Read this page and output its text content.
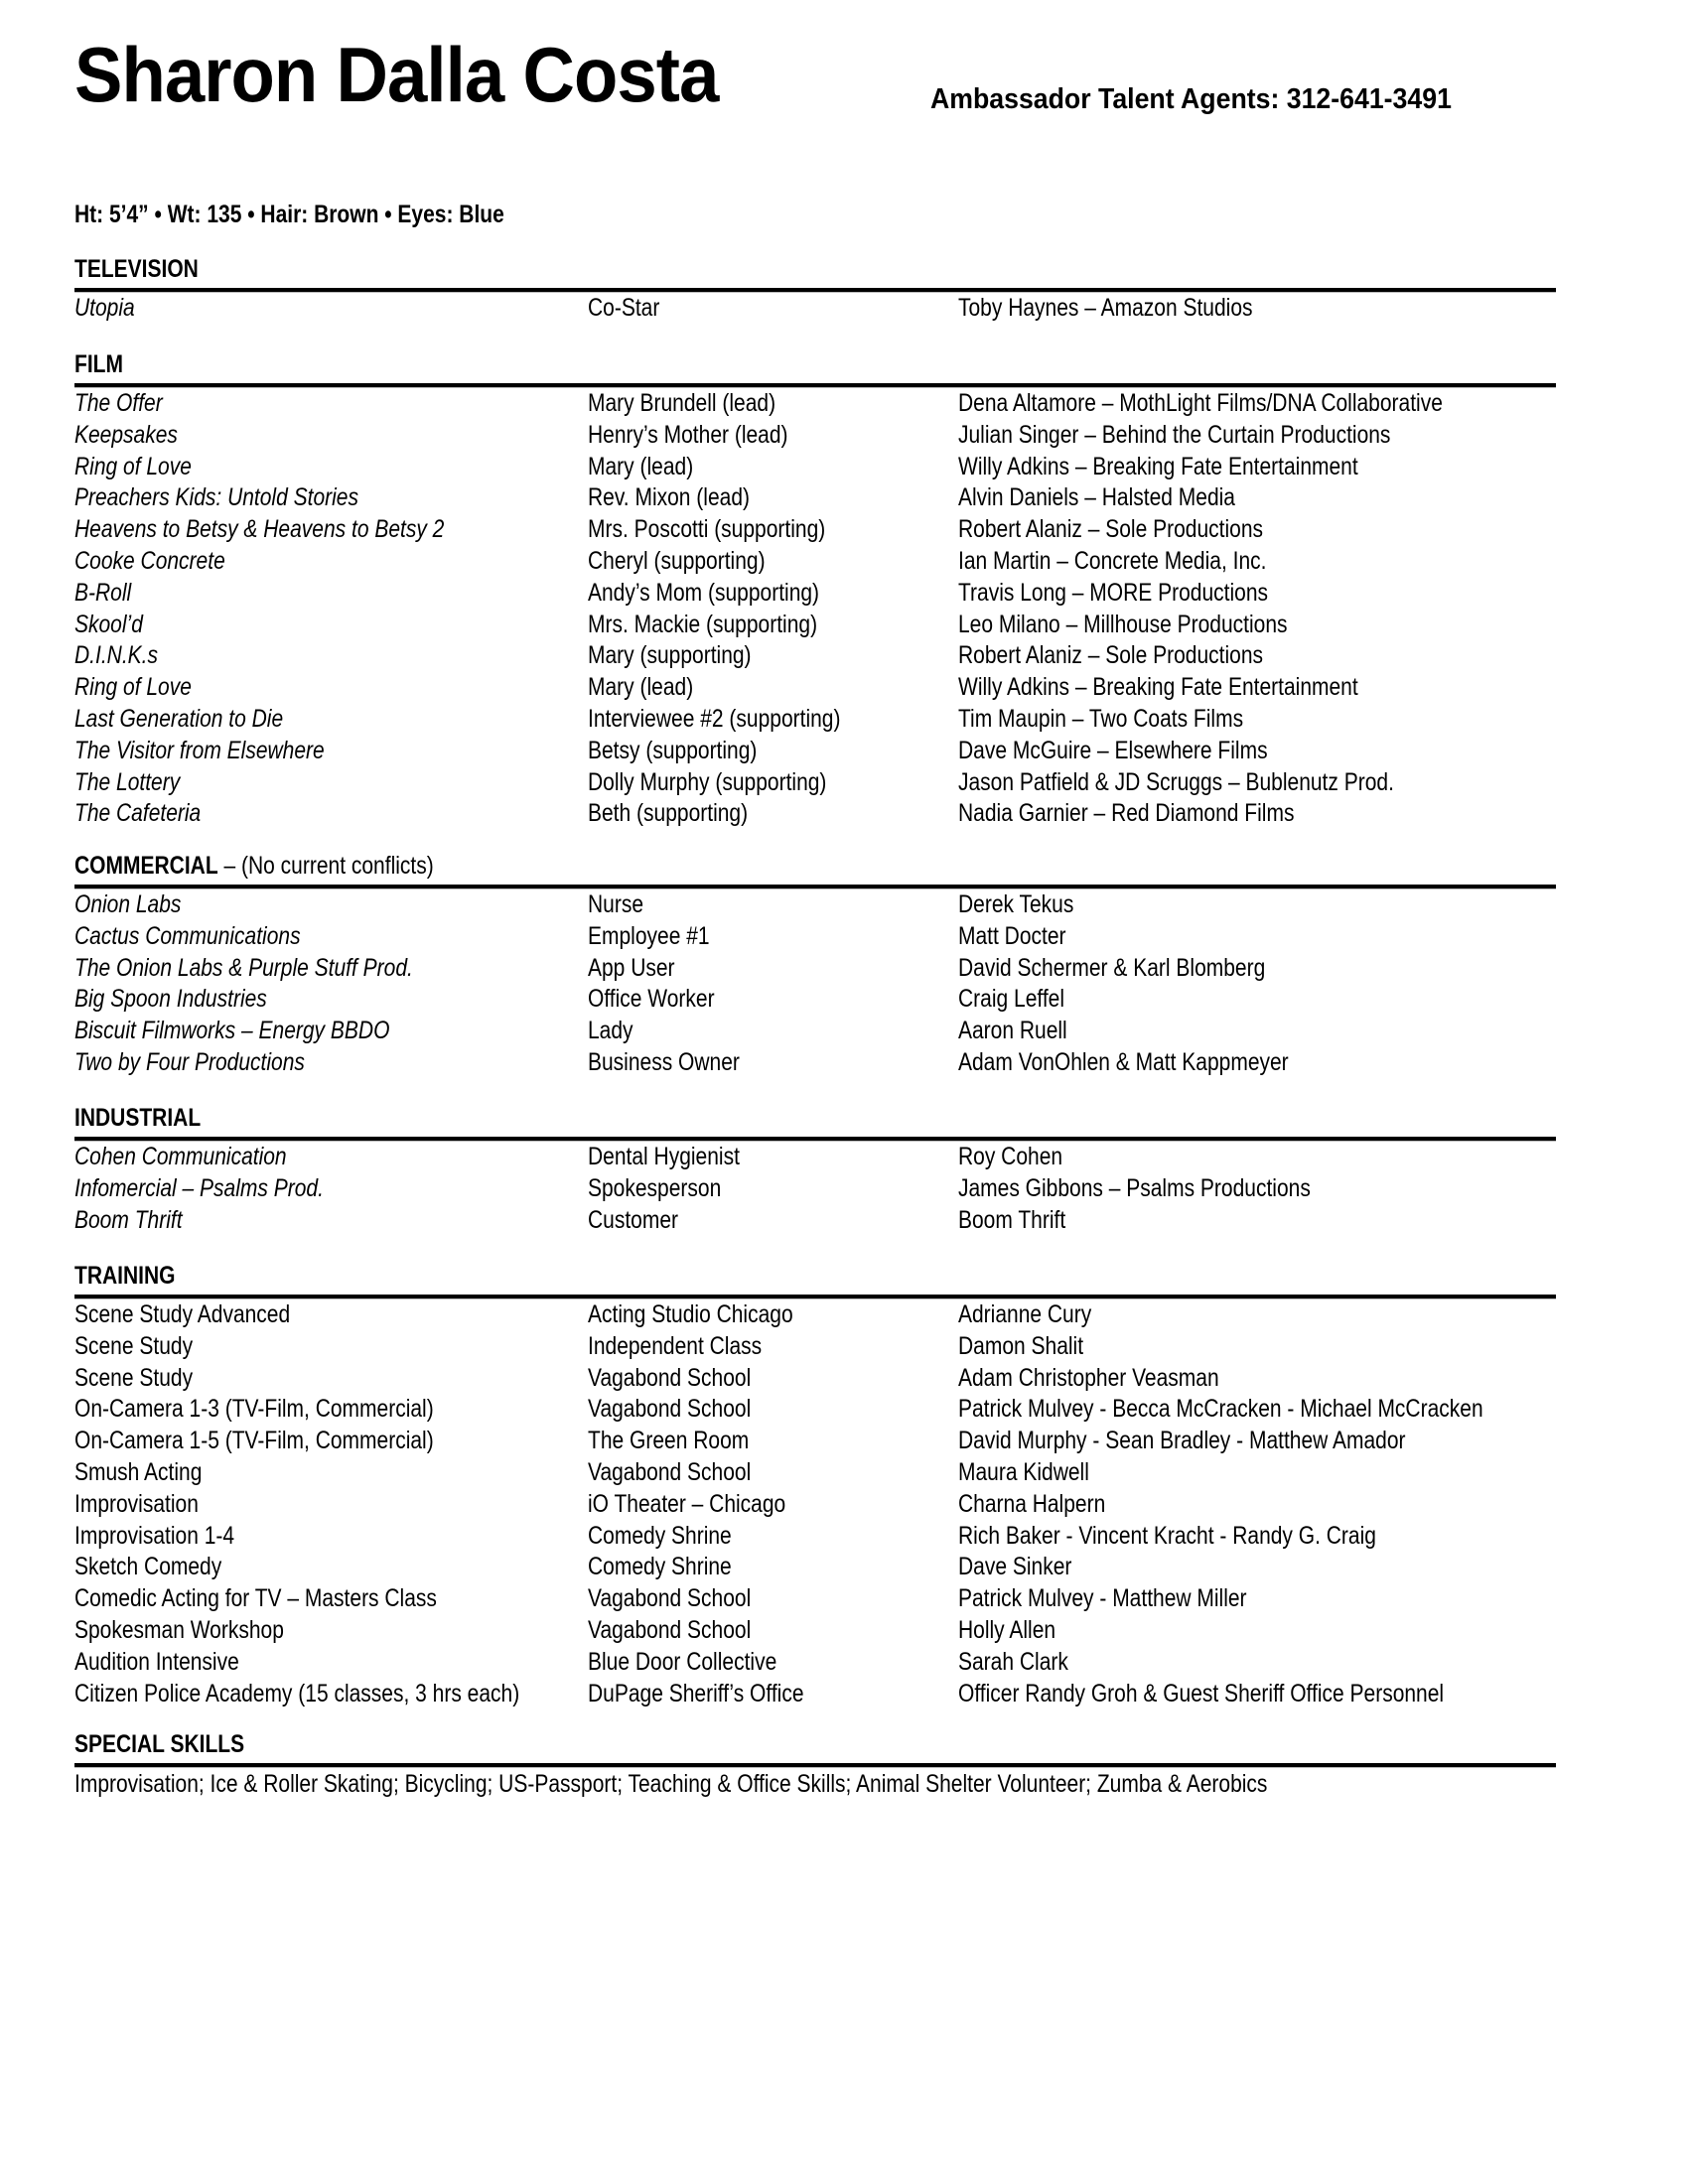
Sharon Dalla Costa	Ambassador Talent Agents: 312-641-3491
Ht: 5’4” • Wt: 135 • Hair: Brown • Eyes: Blue
TELEVISION
Utopia	Co-Star	Toby Haynes – Amazon Studios
FILM
The Offer	Mary Brundell (lead)	Dena Altamore – MothLight Films/DNA Collaborative
Keepsakes	Henry’s Mother (lead)	Julian Singer – Behind the Curtain Productions
Ring of Love	Mary (lead)	Willy Adkins – Breaking Fate Entertainment
Preachers Kids: Untold Stories	Rev. Mixon (lead)	Alvin Daniels – Halsted Media
Heavens to Betsy & Heavens to Betsy 2	Mrs. Poscotti (supporting)	Robert Alaniz – Sole Productions
Cooke Concrete	Cheryl (supporting)	Ian Martin – Concrete Media, Inc.
B-Roll	Andy’s Mom (supporting)	Travis Long – MORE Productions
Skool’d	Mrs. Mackie (supporting)	Leo Milano – Millhouse Productions
D.I.N.K.s	Mary (supporting)	Robert Alaniz – Sole Productions
Ring of Love	Mary (lead)	Willy Adkins – Breaking Fate Entertainment
Last Generation to Die	Interviewee #2 (supporting)	Tim Maupin – Two Coats Films
The Visitor from Elsewhere	Betsy (supporting)	Dave McGuire – Elsewhere Films
The Lottery	Dolly Murphy (supporting)	Jason Patfield & JD Scruggs – Bublenutz Prod.
The Cafeteria	Beth (supporting)	Nadia Garnier – Red Diamond Films
COMMERCIAL – (No current conflicts)
Onion Labs	Nurse	Derek Tekus
Cactus Communications	Employee #1	Matt Docter
The Onion Labs & Purple Stuff Prod.	App User	David Schermer & Karl Blomberg
Big Spoon Industries	Office Worker	Craig Leffel
Biscuit Filmworks – Energy BBDO	Lady	Aaron Ruell
Two by Four Productions	Business Owner	Adam VonOhlen & Matt Kappmeyer
INDUSTRIAL
Cohen Communication	Dental Hygienist	Roy Cohen
Infomercial – Psalms Prod.	Spokesperson	James Gibbons – Psalms Productions
Boom Thrift	Customer	Boom Thrift
TRAINING
Scene Study Advanced	Acting Studio Chicago	Adrianne Cury
Scene Study	Independent Class	Damon Shalit
Scene Study	Vagabond School	Adam Christopher Veasman
On-Camera 1-3 (TV-Film, Commercial)	Vagabond School	Patrick Mulvey - Becca McCracken - Michael McCracken
On-Camera 1-5 (TV-Film, Commercial)	The Green Room	David Murphy - Sean Bradley - Matthew Amador
Smush Acting	Vagabond School	Maura Kidwell
Improvisation	iO Theater – Chicago	Charna Halpern
Improvisation 1-4	Comedy Shrine	Rich Baker - Vincent Kracht - Randy G. Craig
Sketch Comedy	Comedy Shrine	Dave Sinker
Comedic Acting for TV – Masters Class	Vagabond School	Patrick Mulvey - Matthew Miller
Spokesman Workshop	Vagabond School	Holly Allen
Audition Intensive	Blue Door Collective	Sarah Clark
Citizen Police Academy (15 classes, 3 hrs each)	DuPage Sheriff’s Office	Officer Randy Groh & Guest Sheriff Office Personnel
SPECIAL SKILLS
Improvisation; Ice & Roller Skating; Bicycling; US-Passport; Teaching & Office Skills; Animal Shelter Volunteer; Zumba & Aerobics
